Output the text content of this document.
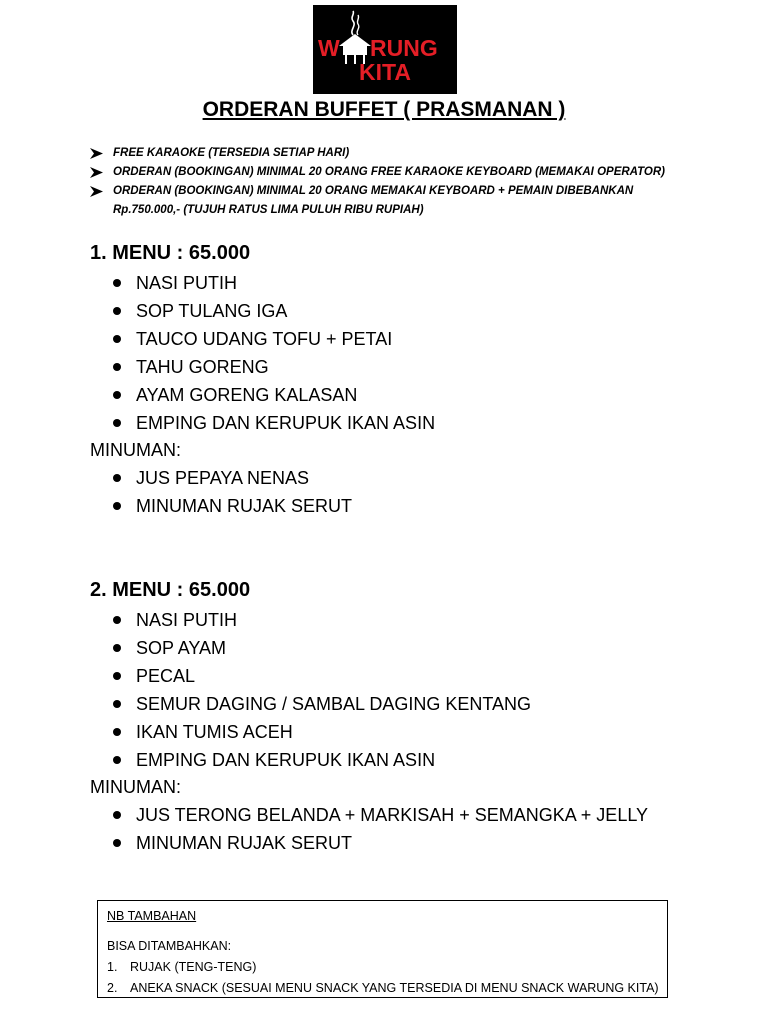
W RUNG
KITA
ORDERAN BUFFET ( PRASMANAN )
FREE KARAOKE (TERSEDIA SETIAP HARI)
ORDERAN (BOOKINGAN) MINIMAL 20 ORANG FREE KARAOKE KEYBOARD (MEMAKAI OPERATOR)
ORDERAN (BOOKINGAN) MINIMAL 20 ORANG MEMAKAI KEYBOARD + PEMAIN DIBEBANKAN Rp.750.000,- (TUJUH RATUS LIMA PULUH RIBU RUPIAH)
1. MENU : 65.000
NASI PUTIH
SOP TULANG IGA
TAUCO UDANG TOFU + PETAI
TAHU GORENG
AYAM GORENG KALASAN
EMPING DAN KERUPUK IKAN ASIN
MINUMAN:
JUS PEPAYA NENAS
MINUMAN RUJAK SERUT
2. MENU : 65.000
NASI PUTIH
SOP AYAM
PECAL
SEMUR DAGING / SAMBAL DAGING KENTANG
IKAN TUMIS ACEH
EMPING DAN KERUPUK IKAN ASIN
MINUMAN:
JUS TERONG BELANDA + MARKISAH + SEMANGKA + JELLY
MINUMAN RUJAK SERUT
NB TAMBAHAN
BISA DITAMBAHKAN:
1.	RUJAK (TENG-TENG)
2.	ANEKA SNACK (SESUAI MENU SNACK YANG TERSEDIA DI MENU SNACK WARUNG KITA)
